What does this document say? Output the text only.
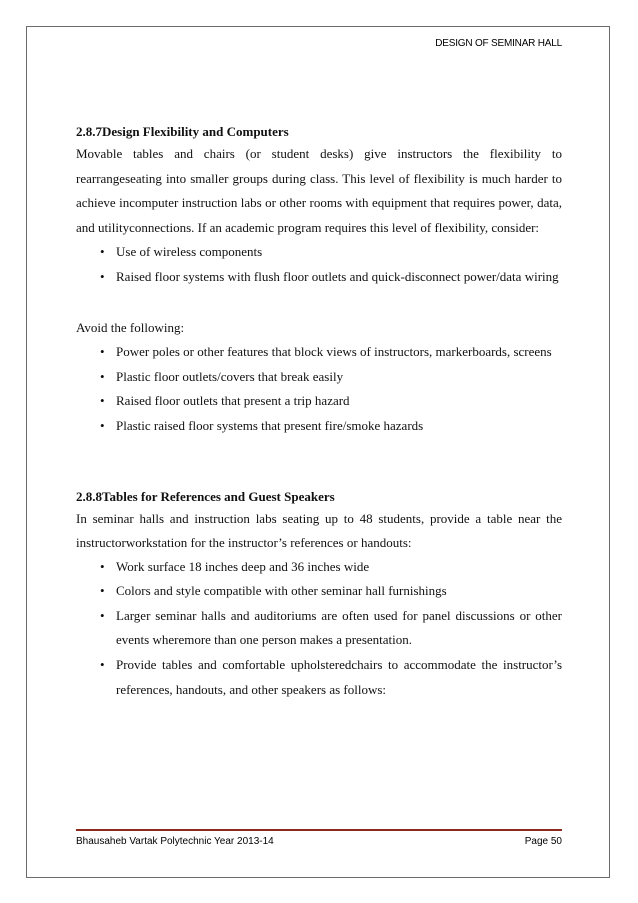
DESIGN OF SEMINAR HALL

2.8.7Design Flexibility and Computers

Movable tables and chairs (or student desks) give instructors the flexibility to rearrangeseating into smaller groups during class. This level of flexibility is much harder to achieve incomputer instruction labs or other rooms with equipment that requires power, data, and utilityconnections. If an academic program requires this level of flexibility, consider:

• Use of wireless components
• Raised floor systems with flush floor outlets and quick-disconnect power/data wiring

Avoid the following:

• Power poles or other features that block views of instructors, markerboards, screens
• Plastic floor outlets/covers that break easily
• Raised floor outlets that present a trip hazard
• Plastic raised floor systems that present fire/smoke hazards

2.8.8Tables for References and Guest Speakers

In seminar halls and instruction labs seating up to 48 students, provide a table near the instructorworkstation for the instructor’s references or handouts:

• Work surface 18 inches deep and 36 inches wide
• Colors and style compatible with other seminar hall furnishings
• Larger seminar halls and auditoriums are often used for panel discussions or other events wheremore than one person makes a presentation.
• Provide tables and comfortable upholsteredchairs to accommodate the instructor’s references, handouts, and other speakers as follows:
Bhausaheb Vartak Polytechnic Year 2013-14	Page 50
